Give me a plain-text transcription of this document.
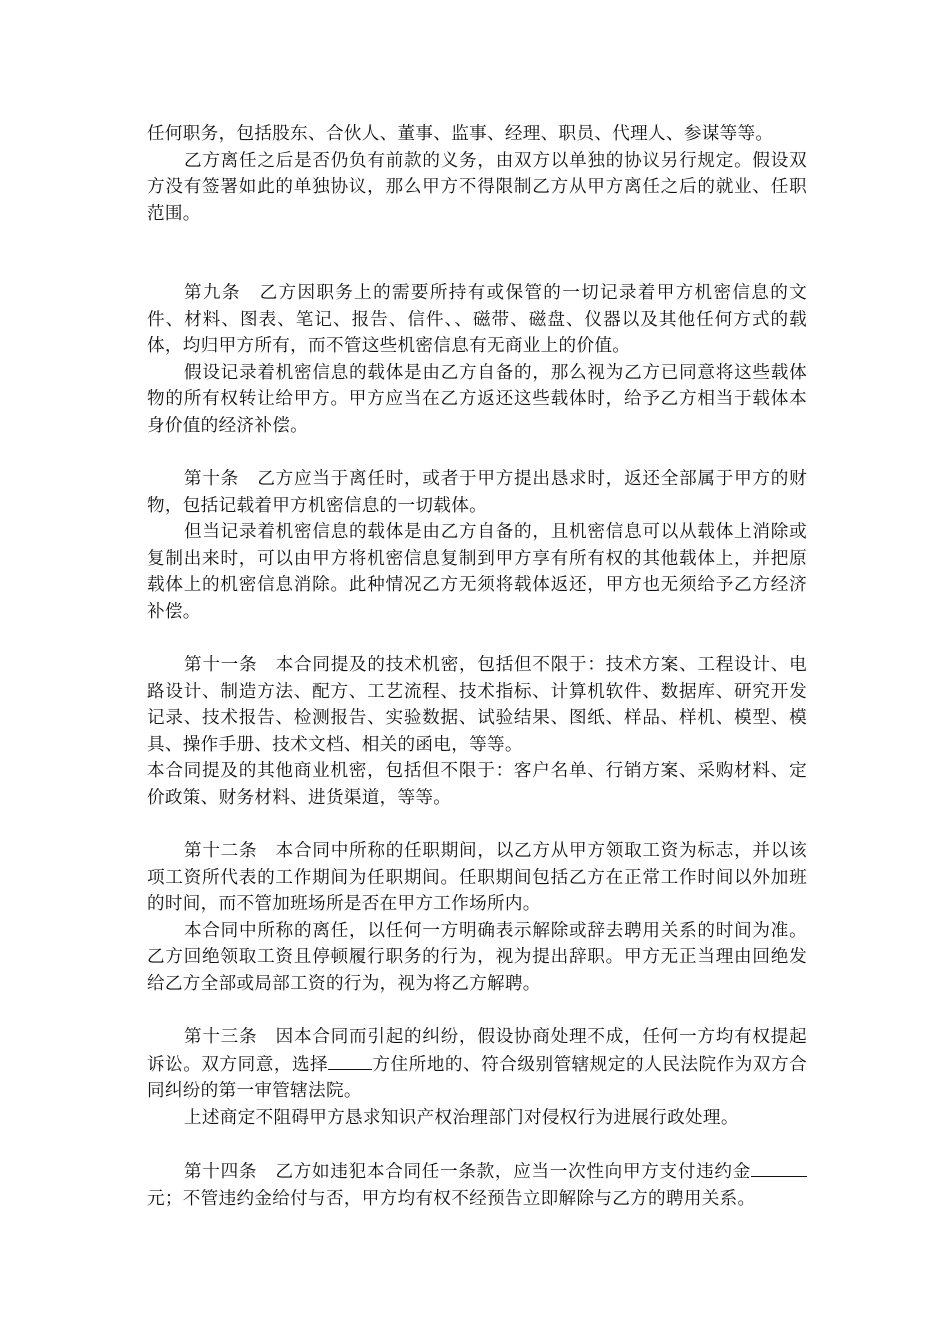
任何职务，包括股东、合伙人、董事、监事、经理、职员、代理人、参谋等等。

乙方离任之后是否仍负有前款的义务，由双方以单独的协议另行规定。假设双方没有签署如此的单独协议，那么甲方不得限制乙方从甲方离任之后的就业、任职范围。

第九条　乙方因职务上的需要所持有或保管的一切记录着甲方机密信息的文件、材料、图表、笔记、报告、信件、、磁带、磁盘、仪器以及其他任何方式的载体，均归甲方所有，而不管这些机密信息有无商业上的价值。

假设记录着机密信息的载体是由乙方自备的，那么视为乙方已同意将这些载体物的所有权转让给甲方。甲方应当在乙方返还这些载体时，给予乙方相当于载体本身价值的经济补偿。

第十条　乙方应当于离任时，或者于甲方提出恳求时，返还全部属于甲方的财物，包括记载着甲方机密信息的一切载体。

但当记录着机密信息的载体是由乙方自备的，且机密信息可以从载体上消除或复制出来时，可以由甲方将机密信息复制到甲方享有所有权的其他载体上，并把原载体上的机密信息消除。此种情况乙方无须将载体返还，甲方也无须给予乙方经济补偿。

第十一条　本合同提及的技术机密，包括但不限于：技术方案、工程设计、电路设计、制造方法、配方、工艺流程、技术指标、计算机软件、数据库、研究开发记录、技术报告、检测报告、实验数据、试验结果、图纸、样品、样机、模型、模具、操作手册、技术文档、相关的函电，等等。

本合同提及的其他商业机密，包括但不限于：客户名单、行销方案、采购材料、定价政策、财务材料、进货渠道，等等。

第十二条　本合同中所称的任职期间，以乙方从甲方领取工资为标志，并以该项工资所代表的工作期间为任职期间。任职期间包括乙方在正常工作时间以外加班的时间，而不管加班场所是否在甲方工作场所内。

本合同中所称的离任，以任何一方明确表示解除或辞去聘用关系的时间为准。乙方回绝领取工资且停顿履行职务的行为，视为提出辞职。甲方无正当理由回绝发给乙方全部或局部工资的行为，视为将乙方解聘。

第十三条　因本合同而引起的纠纷，假设协商处理不成，任何一方均有权提起诉讼。双方同意，选择	方住所地的、符合级别管辖规定的人民法院作为双方合同纠纷的第一审管辖法院。

上述商定不阻碍甲方恳求知识产权治理部门对侵权行为进展行政处理。

第十四条　乙方如违犯本合同任一条款，应当一次性向甲方支付违约金元；不管违约金给付与否，甲方均有权不经预告立即解除与乙方的聘用关系。
